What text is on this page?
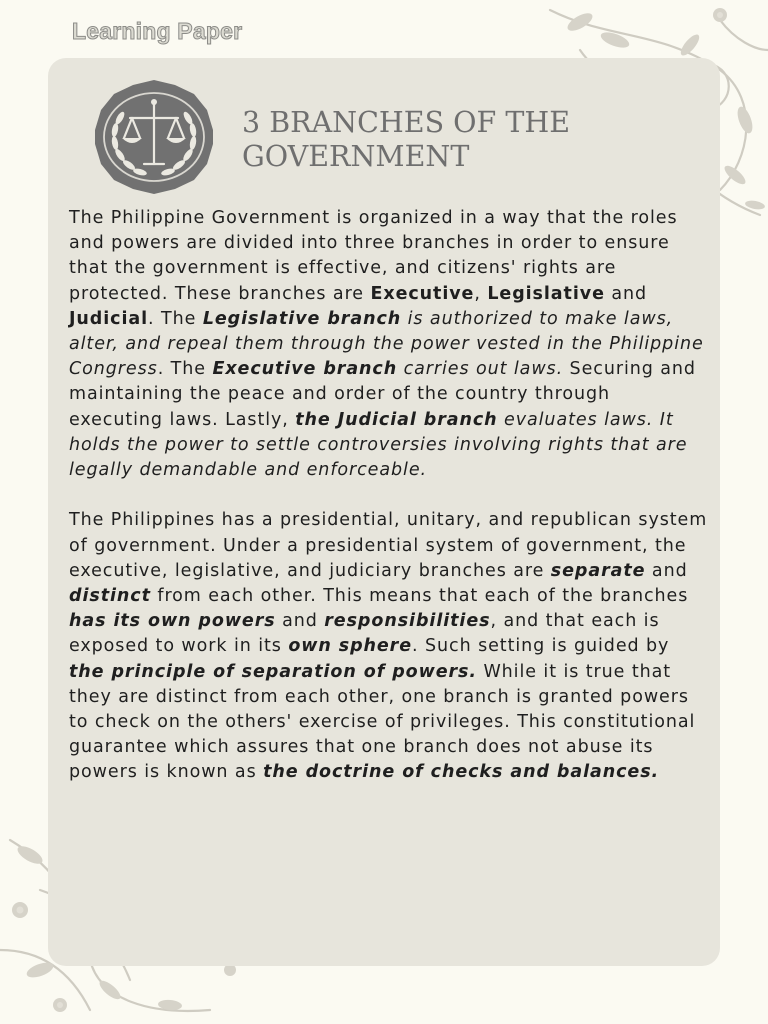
Learning Paper
3 BRANCHES OF THE
GOVERNMENT

The Philippine Government is organized in a way that the roles and powers are divided into three branches in order to ensure that the government is effective, and citizens' rights are protected. These branches are Executive, Legislative and Judicial. The Legislative branch is authorized to make laws, alter, and repeal them through the power vested in the Philippine Congress. The Executive branch carries out laws. Securing and maintaining the peace and order of the country through executing laws. Lastly, the Judicial branch evaluates laws. It holds the power to settle controversies involving rights that are legally demandable and enforceable.

The Philippines has a presidential, unitary, and republican system of government. Under a presidential system of government, the executive, legislative, and judiciary branches are separate and distinct from each other. This means that each of the branches has its own powers and responsibilities, and that each is exposed to work in its own sphere. Such setting is guided by the principle of separation of powers. While it is true that they are distinct from each other, one branch is granted powers to check on the others' exercise of privileges. This constitutional guarantee which assures that one branch does not abuse its powers is known as the doctrine of checks and balances.
